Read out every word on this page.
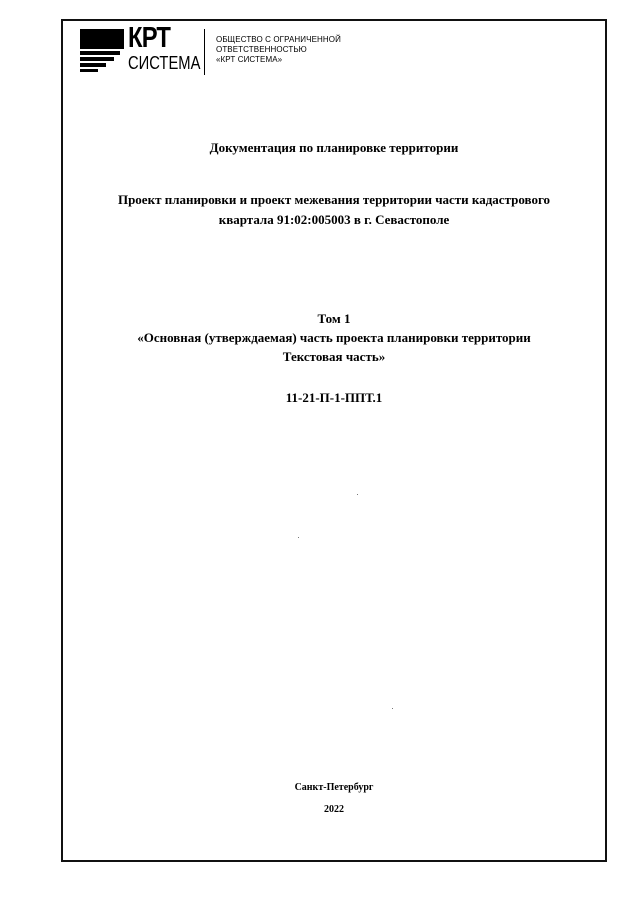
КРТ
СИСТЕМА
ОБЩЕСТВО С ОГРАНИЧЕННОЙ
ОТВЕТСТВЕННОСТЬЮ
«КРТ СИСТЕМА»
Документация по планировке территории
Проект планировки и проект межевания территории части кадастрового
квартала 91:02:005003 в г. Севастополе
Том 1
«Основная (утверждаемая) часть проекта планировки территории
Текстовая часть»
11-21-П-1-ППТ.1
Санкт-Петербург
2022
